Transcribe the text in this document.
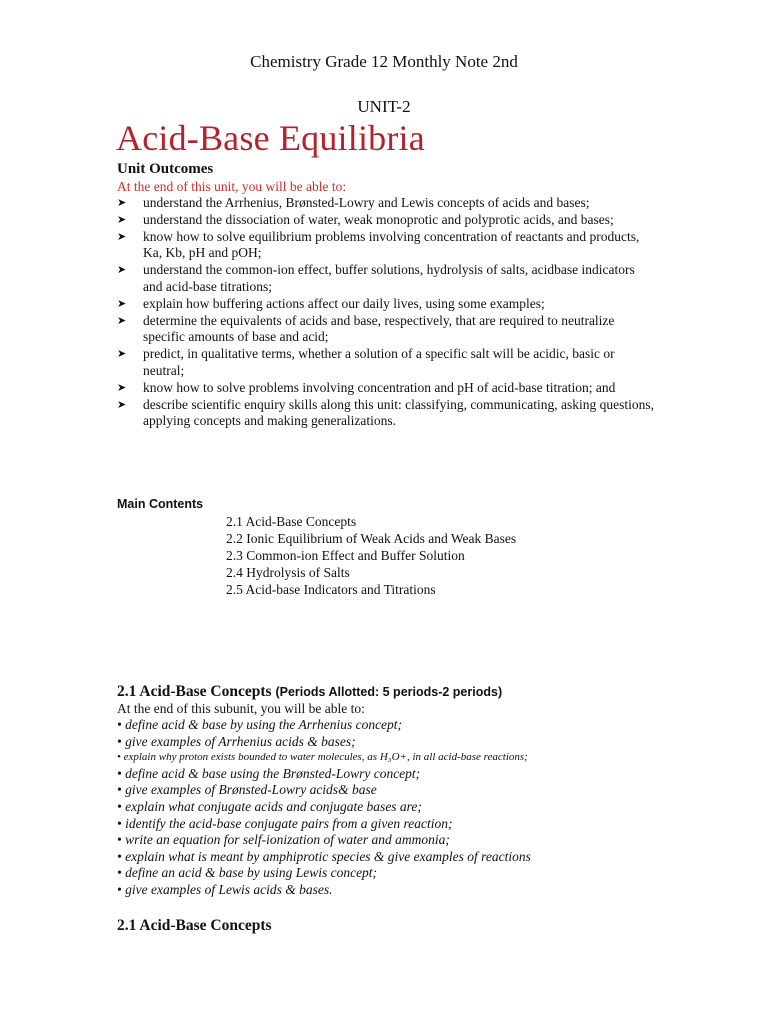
Chemistry Grade 12 Monthly Note 2nd
UNIT-2
Acid-Base Equilibria
Unit Outcomes
At the end of this unit, you will be able to:
➤ understand the Arrhenius, Brønsted-Lowry and Lewis concepts of acids and bases;
➤ understand the dissociation of water, weak monoprotic and polyprotic acids, and bases;
➤ know how to solve equilibrium problems involving concentration of reactants and products, Ka, Kb, pH and pOH;
➤ understand the common-ion effect, buffer solutions, hydrolysis of salts, acidbase indicators and acid-base titrations;
➤ explain how buffering actions affect our daily lives, using some examples;
➤ determine the equivalents of acids and base, respectively, that are required to neutralize specific amounts of base and acid;
➤ predict, in qualitative terms, whether a solution of a specific salt will be acidic, basic or neutral;
➤ know how to solve problems involving concentration and pH of acid-base titration; and
➤ describe scientific enquiry skills along this unit: classifying, communicating, asking questions, applying concepts and making generalizations.
Main Contents
2.1 Acid-Base Concepts
2.2 Ionic Equilibrium of Weak Acids and Weak Bases
2.3 Common-ion Effect and Buffer Solution
2.4 Hydrolysis of Salts
2.5 Acid-base Indicators and Titrations
2.1 Acid-Base Concepts (Periods Allotted: 5 periods-2 periods)
At the end of this subunit, you will be able to:
• define acid & base by using the Arrhenius concept;
• give examples of Arrhenius acids & bases;
• explain why proton exists bounded to water molecules, as H₃O+, in all acid-base reactions;
• define acid & base using the Brønsted-Lowry concept;
• give examples of Brønsted-Lowry acids& base
• explain what conjugate acids and conjugate bases are;
• identify the acid-base conjugate pairs from a given reaction;
• write an equation for self-ionization of water and ammonia;
• explain what is meant by amphiprotic species & give examples of reactions
• define an acid & base by using Lewis concept;
• give examples of Lewis acids & bases.
2.1 Acid-Base Concepts
